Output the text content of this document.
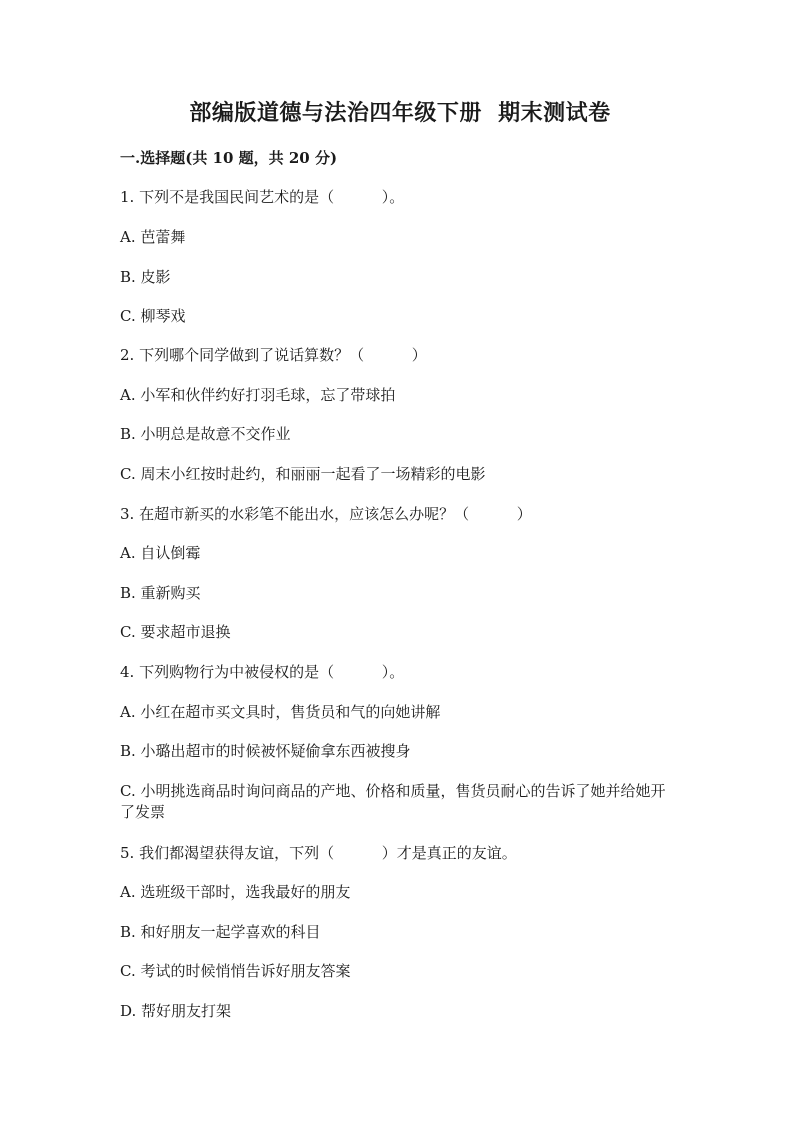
部编版道德与法治四年级下册  期末测试卷
一.选择题(共 10 题，共 20 分)
1. 下列不是我国民间艺术的是（          ）。
A. 芭蕾舞
B. 皮影
C. 柳琴戏
2. 下列哪个同学做到了说话算数？（          ）
A. 小军和伙伴约好打羽毛球，忘了带球拍
B. 小明总是故意不交作业
C. 周末小红按时赴约，和丽丽一起看了一场精彩的电影
3. 在超市新买的水彩笔不能出水，应该怎么办呢？（          ）
A. 自认倒霉
B. 重新购买
C. 要求超市退换
4. 下列购物行为中被侵权的是（          ）。
A. 小红在超市买文具时，售货员和气的向她讲解
B. 小璐出超市的时候被怀疑偷拿东西被搜身
C. 小明挑选商品时询问商品的产地、价格和质量，售货员耐心的告诉了她并给她开了发票
5. 我们都渴望获得友谊，下列（          ）才是真正的友谊。
A. 选班级干部时，选我最好的朋友
B. 和好朋友一起学喜欢的科目
C. 考试的时候悄悄告诉好朋友答案
D. 帮好朋友打架
